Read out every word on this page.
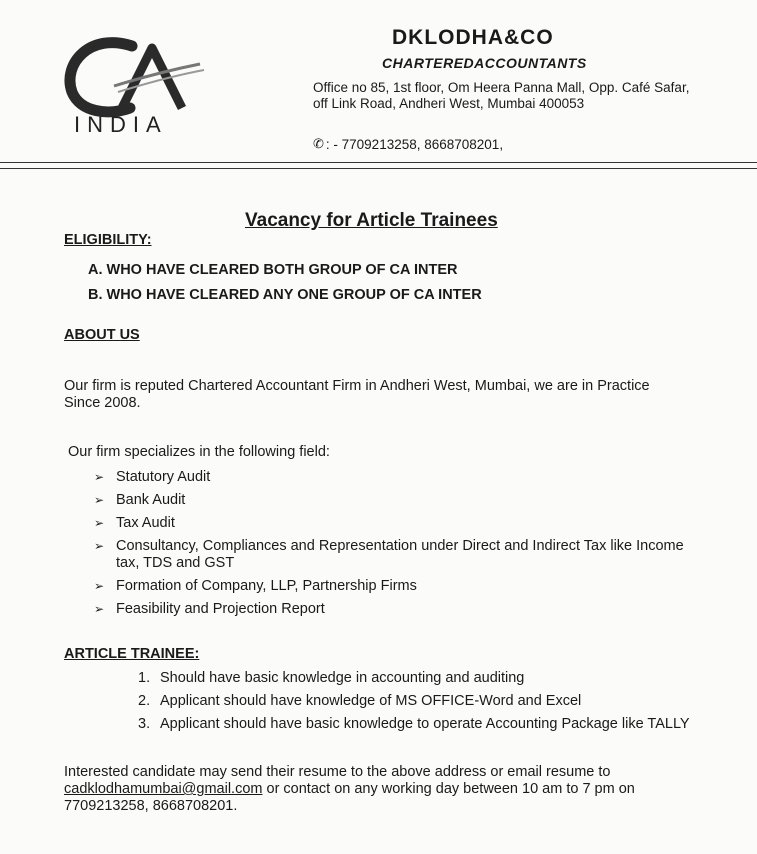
INDIA
DKLODHA&CO
CHARTEREDACCOUNTANTS
Office no 85, 1st floor, Om Heera Panna Mall, Opp. Café Safar, off Link Road, Andheri West, Mumbai 400053
✆ : - 7709213258, 8668708201,
Vacancy for Article Trainees
ELIGIBILITY:
A. WHO HAVE CLEARED BOTH GROUP OF CA INTER
B. WHO HAVE CLEARED ANY ONE GROUP OF CA INTER
ABOUT US
Our firm is reputed Chartered Accountant Firm in Andheri West, Mumbai, we are in Practice Since 2008.
Our firm specializes in the following field:
➢ Statutory Audit
➢ Bank Audit
➢ Tax Audit
➢ Consultancy, Compliances and Representation under Direct and Indirect Tax like Income tax, TDS and GST
➢ Formation of Company, LLP, Partnership Firms
➢ Feasibility and Projection Report
ARTICLE TRAINEE:
1. Should have basic knowledge in accounting and auditing
2. Applicant should have knowledge of MS OFFICE-Word and Excel
3. Applicant should have basic knowledge to operate Accounting Package like TALLY
Interested candidate may send their resume to the above address or email resume to cadklodhamumbai@gmail.com or contact on any working day between 10 am to 7 pm on 7709213258, 8668708201.
